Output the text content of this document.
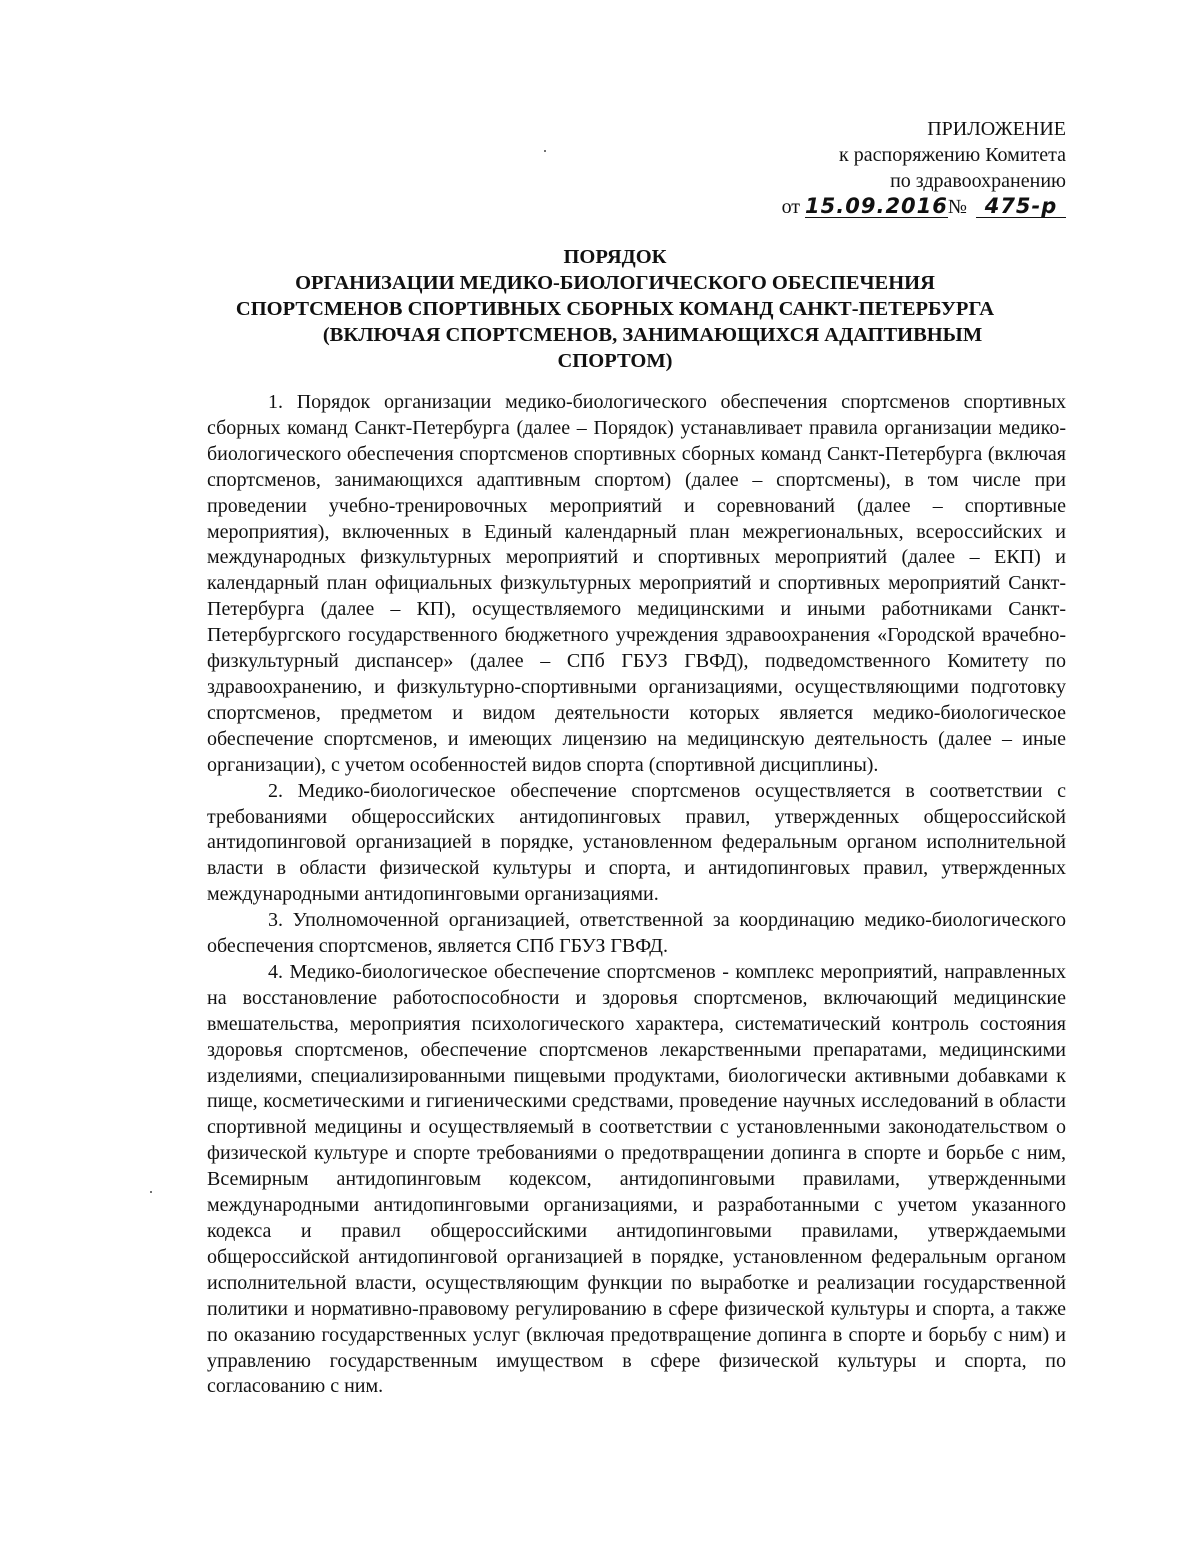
ПРИЛОЖЕНИЕ
к распоряжению Комитета
по здравоохранению
от 15.09.2016№ 475-р
ПОРЯДОК
ОРГАНИЗАЦИИ МЕДИКО-БИОЛОГИЧЕСКОГО ОБЕСПЕЧЕНИЯ
СПОРТСМЕНОВ СПОРТИВНЫХ СБОРНЫХ КОМАНД САНКТ-ПЕТЕРБУРГА
(ВКЛЮЧАЯ СПОРТСМЕНОВ, ЗАНИМАЮЩИХСЯ АДАПТИВНЫМ
СПОРТОМ)

1. Порядок организации медико-биологического обеспечения спортсменов спортивных сборных команд Санкт-Петербурга (далее – Порядок) устанавливает правила организации медико-биологического обеспечения спортсменов спортивных сборных команд Санкт-Петербурга (включая спортсменов, занимающихся адаптивным спортом) (далее – спортсмены), в том числе при проведении учебно-тренировочных мероприятий и соревнований (далее – спортивные мероприятия), включенных в Единый календарный план межрегиональных, всероссийских и международных физкультурных мероприятий и спортивных мероприятий (далее – ЕКП) и календарный план официальных физкультурных мероприятий и спортивных мероприятий Санкт-Петербурга (далее – КП), осуществляемого медицинскими и иными работниками Санкт-Петербургского государственного бюджетного учреждения здравоохранения «Городской врачебно-физкультурный диспансер» (далее – СПб ГБУЗ ГВФД), подведомственного Комитету по здравоохранению, и физкультурно-спортивными организациями, осуществляющими подготовку спортсменов, предметом и видом деятельности которых является медико-биологическое обеспечение спортсменов, и имеющих лицензию на медицинскую деятельность (далее – иные организации), с учетом особенностей видов спорта (спортивной дисциплины).

2. Медико-биологическое обеспечение спортсменов осуществляется в соответствии с требованиями общероссийских антидопинговых правил, утвержденных общероссийской антидопинговой организацией в порядке, установленном федеральным органом исполнительной власти в области физической культуры и спорта, и антидопинговых правил, утвержденных международными антидопинговыми организациями.

3. Уполномоченной организацией, ответственной за координацию медико-биологического обеспечения спортсменов, является СПб ГБУЗ ГВФД.

4. Медико-биологическое обеспечение спортсменов - комплекс мероприятий, направленных на восстановление работоспособности и здоровья спортсменов, включающий медицинские вмешательства, мероприятия психологического характера, систематический контроль состояния здоровья спортсменов, обеспечение спортсменов лекарственными препаратами, медицинскими изделиями, специализированными пищевыми продуктами, биологически активными добавками к пище, косметическими и гигиеническими средствами, проведение научных исследований в области спортивной медицины и осуществляемый в соответствии с установленными законодательством о физической культуре и спорте требованиями о предотвращении допинга в спорте и борьбе с ним, Всемирным антидопинговым кодексом, антидопинговыми правилами, утвержденными международными антидопинговыми организациями, и разработанными с учетом указанного кодекса и правил общероссийскими антидопинговыми правилами, утверждаемыми общероссийской антидопинговой организацией в порядке, установленном федеральным органом исполнительной власти, осуществляющим функции по выработке и реализации государственной политики и нормативно-правовому регулированию в сфере физической культуры и спорта, а также по оказанию государственных услуг (включая предотвращение допинга в спорте и борьбу с ним) и управлению государственным имуществом в сфере физической культуры и спорта, по согласованию с ним.
